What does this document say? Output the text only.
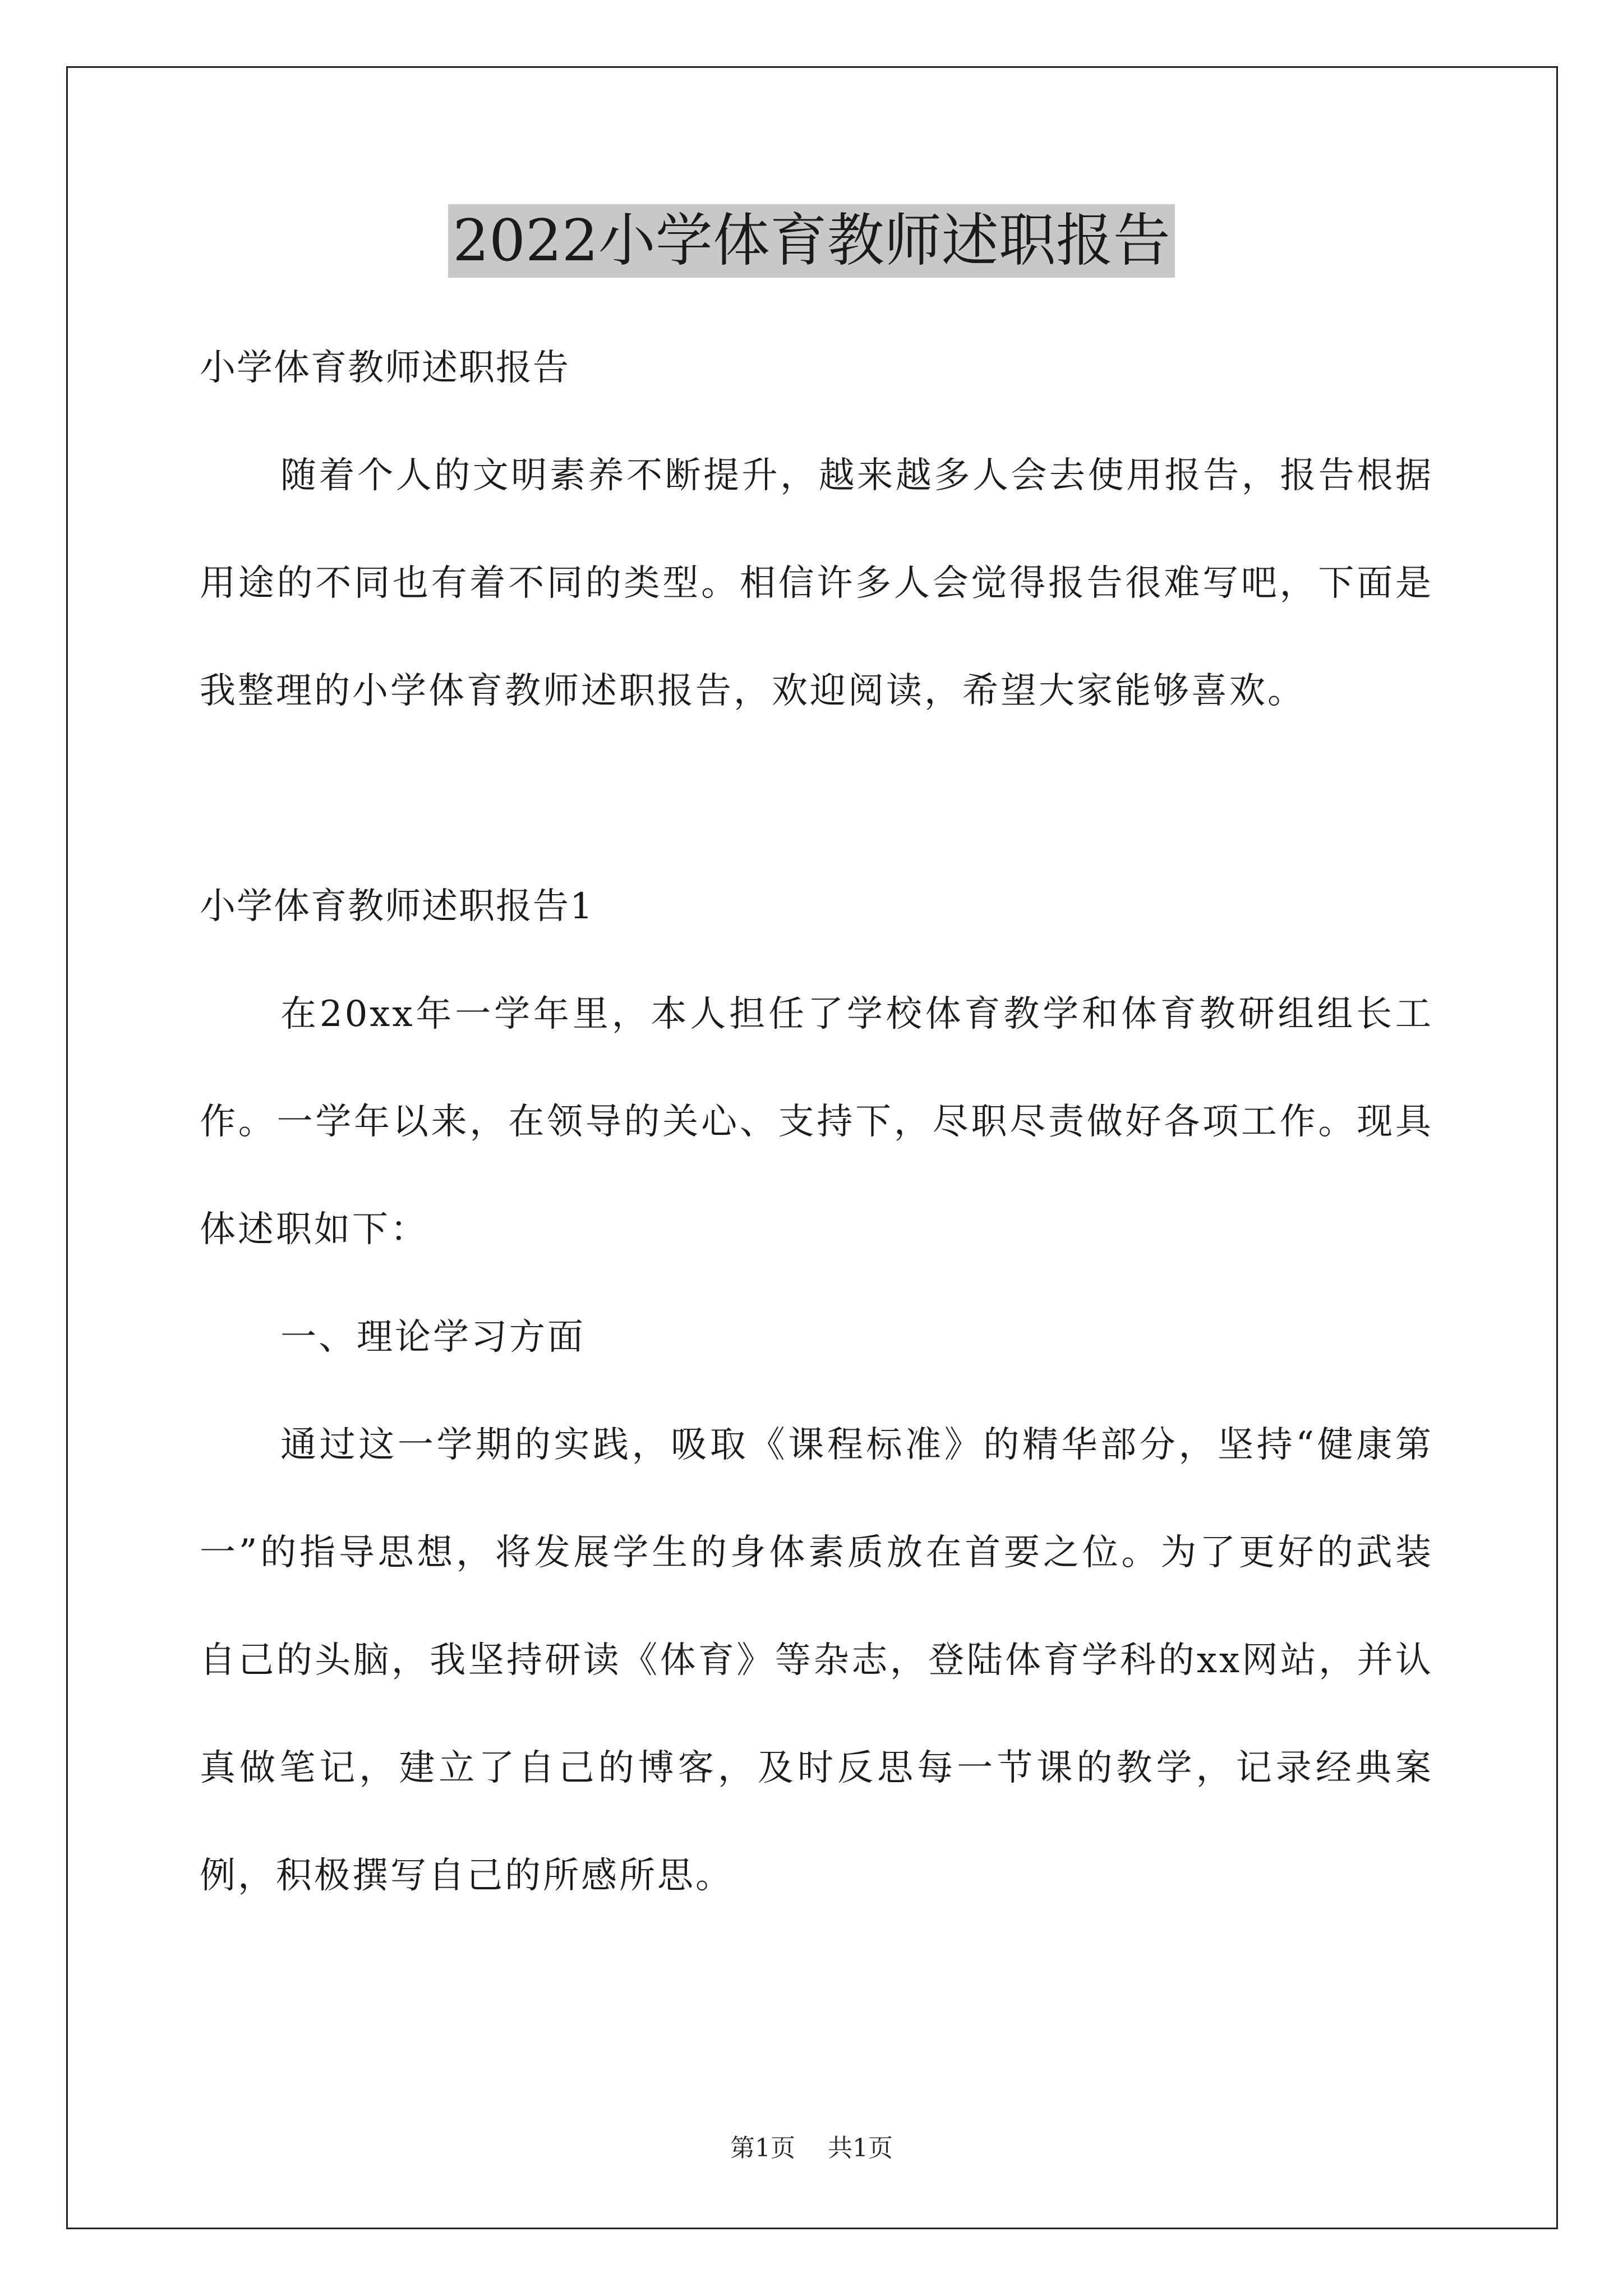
2022小学体育教师述职报告

小学体育教师述职报告

随着个人的文明素养不断提升，越来越多人会去使用报告，报告根据用途的不同也有着不同的类型。相信许多人会觉得报告很难写吧，下面是我整理的小学体育教师述职报告，欢迎阅读，希望大家能够喜欢。

小学体育教师述职报告1

在20xx年一学年里，本人担任了学校体育教学和体育教研组组长工作。一学年以来，在领导的关心、支持下，尽职尽责做好各项工作。现具体述职如下：

一、理论学习方面

通过这一学期的实践，吸取《课程标准》的精华部分，坚持“健康第一”的指导思想，将发展学生的身体素质放在首要之位。为了更好的武装自己的头脑，我坚持研读《体育》等杂志，登陆体育学科的xx网站，并认真做笔记，建立了自己的博客，及时反思每一节课的教学，记录经典案例，积极撰写自己的所感所思。

第1页 共1页
